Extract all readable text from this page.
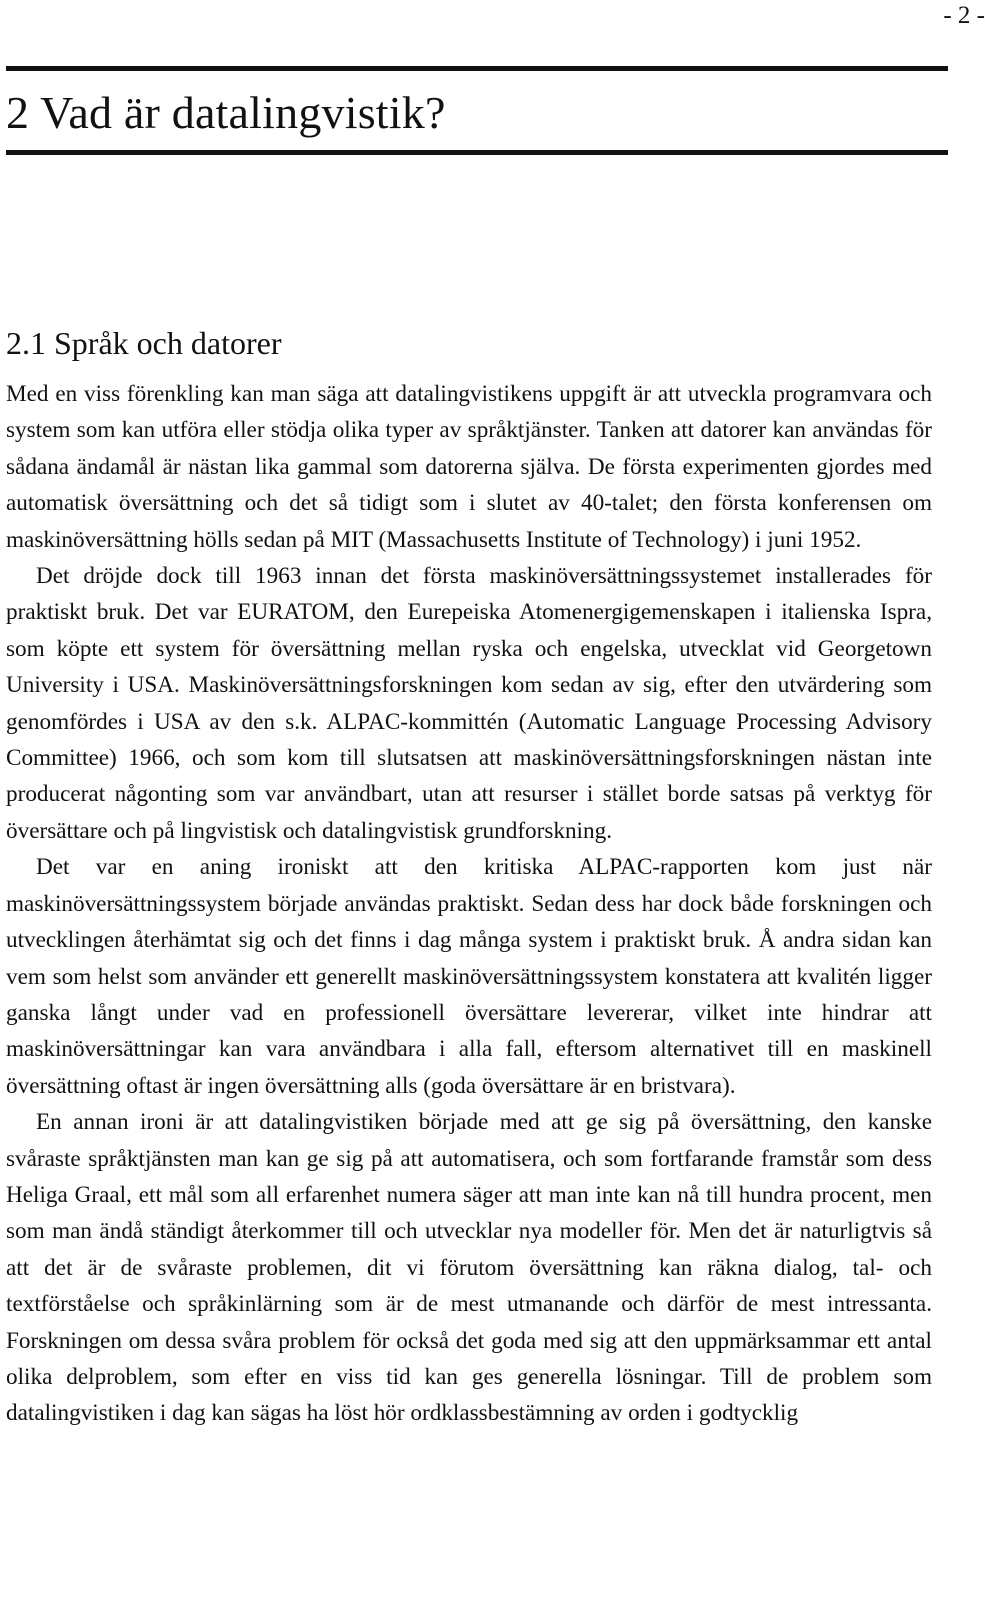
- 2 -
2 Vad är datalingvistik?
2.1 Språk och datorer

Med en viss förenkling kan man säga att datalingvistikens uppgift är att utveckla programvara och system som kan utföra eller stödja olika typer av språktjänster. Tanken att datorer kan användas för sådana ändamål är nästan lika gammal som datorerna själva. De första experimenten gjordes med automatisk översättning och det så tidigt som i slutet av 40-talet; den första konferensen om maskinöversättning hölls sedan på MIT (Massachusetts Institute of Technology) i juni 1952.

Det dröjde dock till 1963 innan det första maskinöversättningssystemet installerades för praktiskt bruk. Det var EURATOM, den Eurepeiska Atomenergigemenskapen i italienska Ispra, som köpte ett system för översättning mellan ryska och engelska, utvecklat vid Georgetown University i USA. Maskinöversättningsforskningen kom sedan av sig, efter den utvärdering som genomfördes i USA av den s.k. ALPAC-kommittén (Automatic Language Processing Advisory Committee) 1966, och som kom till slutsatsen att maskinöversättningsforskningen nästan inte producerat någonting som var användbart, utan att resurser i stället borde satsas på verktyg för översättare och på lingvistisk och datalingvistisk grundforskning.

Det var en aning ironiskt att den kritiska ALPAC-rapporten kom just när maskinöversättningssystem började användas praktiskt. Sedan dess har dock både forskningen och utvecklingen återhämtat sig och det finns i dag många system i praktiskt bruk. Å andra sidan kan vem som helst som använder ett generellt maskinöversättningssystem konstatera att kvalitén ligger ganska långt under vad en professionell översättare levererar, vilket inte hindrar att maskinöversättningar kan vara användbara i alla fall, eftersom alternativet till en maskinell översättning oftast är ingen översättning alls (goda översättare är en bristvara).

En annan ironi är att datalingvistiken började med att ge sig på översättning, den kanske svåraste språktjänsten man kan ge sig på att automatisera, och som fortfarande framstår som dess Heliga Graal, ett mål som all erfarenhet numera säger att man inte kan nå till hundra procent, men som man ändå ständigt återkommer till och utvecklar nya modeller för. Men det är naturligtvis så att det är de svåraste problemen, dit vi förutom översättning kan räkna dialog, tal- och textförståelse och språkinlärning som är de mest utmanande och därför de mest intressanta. Forskningen om dessa svåra problem för också det goda med sig att den uppmärksammar ett antal olika delproblem, som efter en viss tid kan ges generella lösningar. Till de problem som datalingvistiken i dag kan sägas ha löst hör ordklassbestämning av orden i godtycklig
